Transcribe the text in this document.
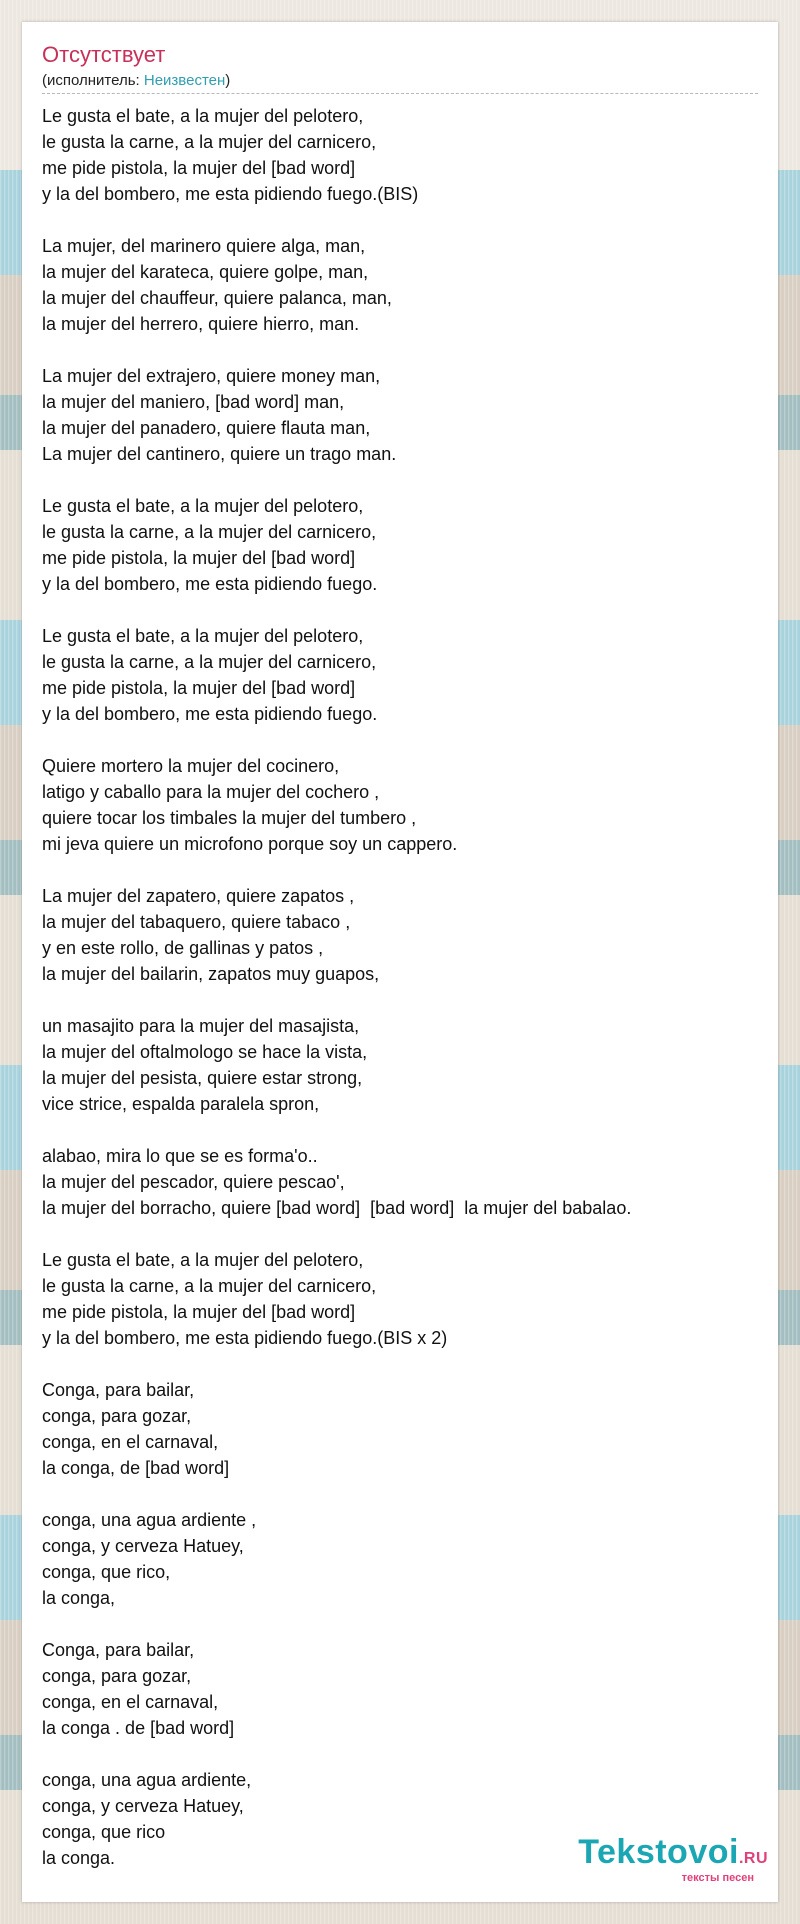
Отсутствует
(исполнитель: Неизвестен)
Le gusta el bate, a la mujer del pelotero,
le gusta la carne, a la mujer del carnicero,
me pide pistola, la mujer del [bad word]
y la del bombero, me esta pidiendo fuego.(BIS)
La mujer, del marinero quiere alga, man,
la mujer del karateca, quiere golpe, man,
la mujer del chauffeur, quiere palanca, man,
la mujer del herrero, quiere hierro, man.
La mujer del extrajero, quiere money man,
la mujer del maniero, [bad word] man,
la mujer del panadero, quiere flauta man,
La mujer del cantinero, quiere un trago man.
Le gusta el bate, a la mujer del pelotero,
le gusta la carne, a la mujer del carnicero,
me pide pistola, la mujer del [bad word]
y la del bombero, me esta pidiendo fuego.
Le gusta el bate, a la mujer del pelotero,
le gusta la carne, a la mujer del carnicero,
me pide pistola, la mujer del [bad word]
y la del bombero, me esta pidiendo fuego.
Quiere mortero la mujer del cocinero,
latigo y caballo para la mujer del cochero ,
quiere tocar los timbales la mujer del tumbero ,
mi jeva quiere un microfono porque soy un cappero.
La mujer del zapatero, quiere zapatos ,
la mujer del tabaquero, quiere tabaco ,
y en este rollo, de gallinas y patos ,
la mujer del bailarin, zapatos muy guapos,
un masajito para la mujer del masajista,
la mujer del oftalmologo se hace la vista,
la mujer del pesista, quiere estar strong,
vice strice, espalda paralela spron,
alabao, mira lo que se es forma'o..
la mujer del pescador, quiere pescao',
la mujer del borracho, quiere [bad word]  [bad word]  la mujer del babalao.
Le gusta el bate, a la mujer del pelotero,
le gusta la carne, a la mujer del carnicero,
me pide pistola, la mujer del [bad word]
y la del bombero, me esta pidiendo fuego.(BIS x 2)
Conga, para bailar,
conga, para gozar,
conga, en el carnaval,
la conga, de [bad word]
conga, una agua ardiente ,
conga, y cerveza Hatuey,
conga, que rico,
la conga,
Conga, para bailar,
conga, para gozar,
conga, en el carnaval,
la conga . de [bad word]
conga, una agua ardiente,
conga, y cerveza Hatuey,
conga, que rico
la conga.	Tekstovoi.RU
тексты песен
